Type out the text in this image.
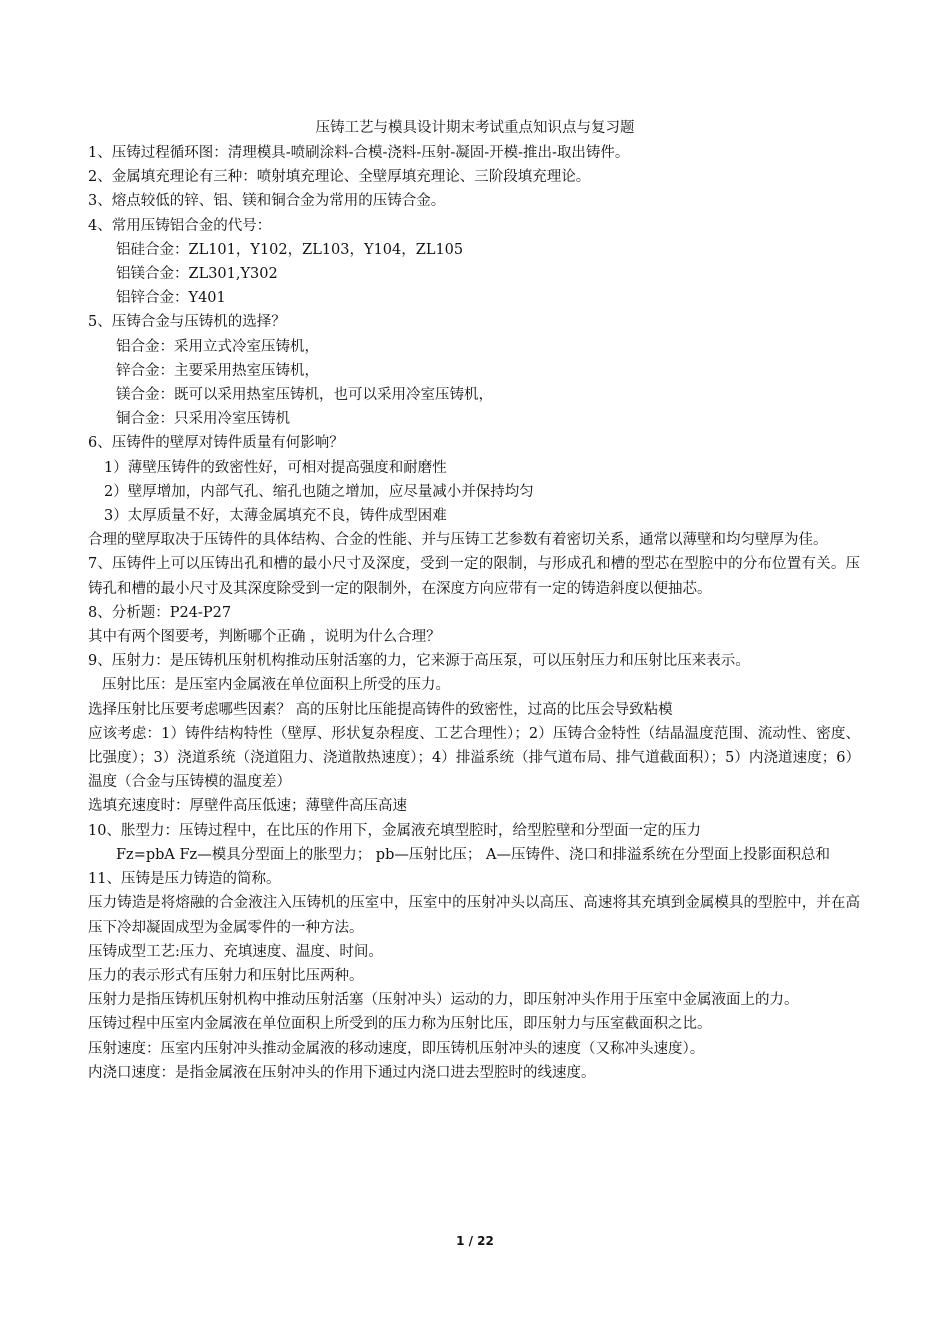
压铸工艺与模具设计期末考试重点知识点与复习题
1、压铸过程循环图：清理模具-喷刷涂料-合模-浇料-压射-凝固-开模-推出-取出铸件。
2、金属填充理论有三种：喷射填充理论、全壁厚填充理论、三阶段填充理论。
3、熔点较低的锌、铝、镁和铜合金为常用的压铸合金。
4、常用压铸铝合金的代号：
铝硅合金：ZL101，Y102，ZL103，Y104，ZL105
铝镁合金：ZL301,Y302
铝锌合金：Y401
5、压铸合金与压铸机的选择？
铝合金：采用立式冷室压铸机，
锌合金：主要采用热室压铸机，
镁合金：既可以采用热室压铸机，也可以采用冷室压铸机，
铜合金：只采用冷室压铸机
6、压铸件的壁厚对铸件质量有何影响？
1）薄壁压铸件的致密性好，可相对提高强度和耐磨性
2）壁厚增加，内部气孔、缩孔也随之增加，应尽量减小并保持均匀
3）太厚质量不好，太薄金属填充不良，铸件成型困难
合理的壁厚取决于压铸件的具体结构、合金的性能、并与压铸工艺参数有着密切关系，通常以薄壁和均匀壁厚为佳。
7、压铸件上可以压铸出孔和槽的最小尺寸及深度，受到一定的限制，与形成孔和槽的型芯在型腔中的分布位置有关。压铸孔和槽的最小尺寸及其深度除受到一定的限制外，在深度方向应带有一定的铸造斜度以便抽芯。
8、分析题：P24-P27
其中有两个图要考，判断哪个正确 ，说明为什么合理？
9、压射力：是压铸机压射机构推动压射活塞的力，它来源于高压泵，可以压射压力和压射比压来表示。
压射比压：是压室内金属液在单位面积上所受的压力。
选择压射比压要考虑哪些因素？ 高的压射比压能提高铸件的致密性，过高的比压会导致粘模
应该考虑：1）铸件结构特性（壁厚、形状复杂程度、工艺合理性）；2）压铸合金特性（结晶温度范围、流动性、密度、比强度）；3）浇道系统（浇道阻力、浇道散热速度）；4）排溢系统（排气道布局、排气道截面积）；5）内浇道速度；6）温度（合金与压铸模的温度差）
选填充速度时：厚壁件高压低速；薄壁件高压高速
10、胀型力：压铸过程中，在比压的作用下，金属液充填型腔时，给型腔壁和分型面一定的压力
Fz=pbA Fz—模具分型面上的胀型力； pb—压射比压； A—压铸件、浇口和排溢系统在分型面上投影面积总和
11、压铸是压力铸造的简称。
压力铸造是将熔融的合金液注入压铸机的压室中，压室中的压射冲头以高压、高速将其充填到金属模具的型腔中，并在高压下冷却凝固成型为金属零件的一种方法。
压铸成型工艺:压力、充填速度、温度、时间。
压力的表示形式有压射力和压射比压两种。
压射力是指压铸机压射机构中推动压射活塞（压射冲头）运动的力，即压射冲头作用于压室中金属液面上的力。
压铸过程中压室内金属液在单位面积上所受到的压力称为压射比压，即压射力与压室截面积之比。
压射速度：压室内压射冲头推动金属液的移动速度，即压铸机压射冲头的速度（又称冲头速度）。
内浇口速度：是指金属液在压射冲头的作用下通过内浇口进去型腔时的线速度。
1 / 22
